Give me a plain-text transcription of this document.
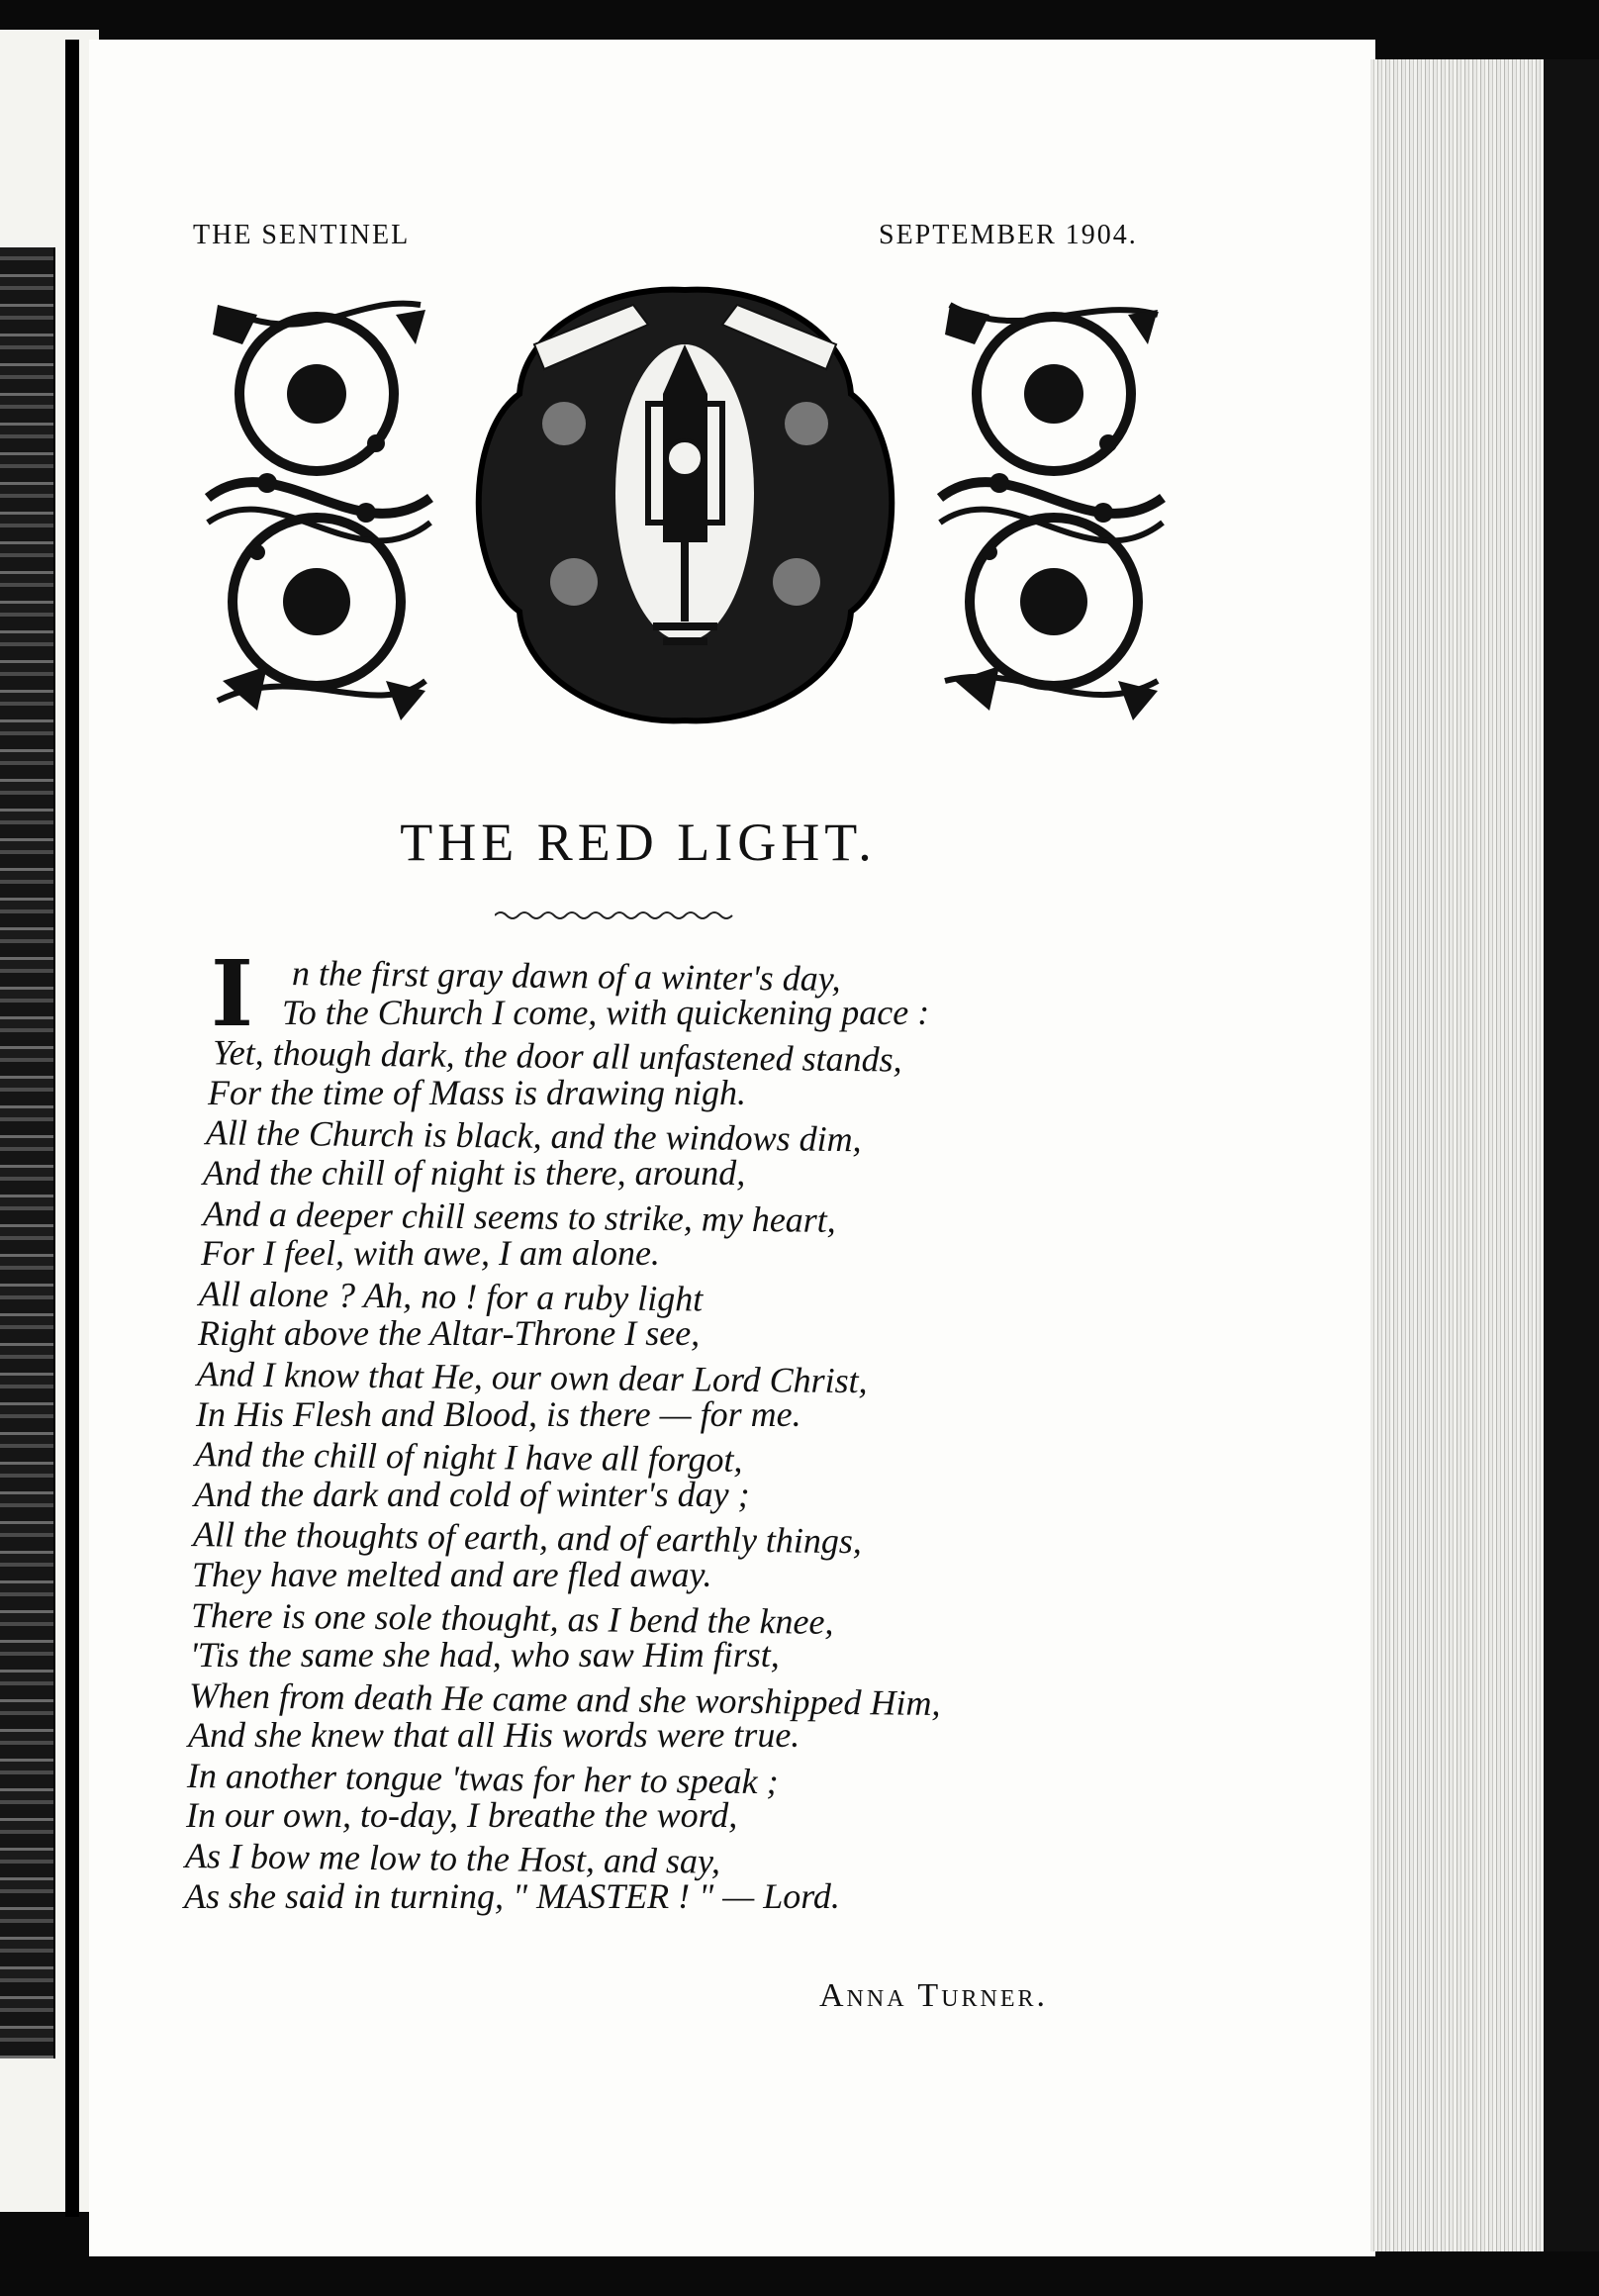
THE SENTINEL	SEPTEMBER 1904.
THE RED LIGHT.
I	n the first gray dawn of a winter's day,
To the Church I come, with quickening pace :
Yet, though dark, the door all unfastened stands,
For the time of Mass is drawing nigh.
All the Church is black, and the windows dim,
And the chill of night is there, around,
And a deeper chill seems to strike, my heart,
For I feel, with awe, I am alone.
All alone ? Ah, no ! for a ruby light
Right above the Altar-Throne I see,
And I know that He, our own dear Lord Christ,
In His Flesh and Blood, is there — for me.
And the chill of night I have all forgot,
And the dark and cold of winter's day ;
All the thoughts of earth, and of earthly things,
They have melted and are fled away.
There is one sole thought, as I bend the knee,
'Tis the same she had, who saw Him first,
When from death He came and she worshipped Him,
And she knew that all His words were true.
In another tongue 'twas for her to speak ;
In our own, to-day, I breathe the word,
As I bow me low to the Host, and say,
As she said in turning, " MASTER ! " — Lord.
Anna Turner.
